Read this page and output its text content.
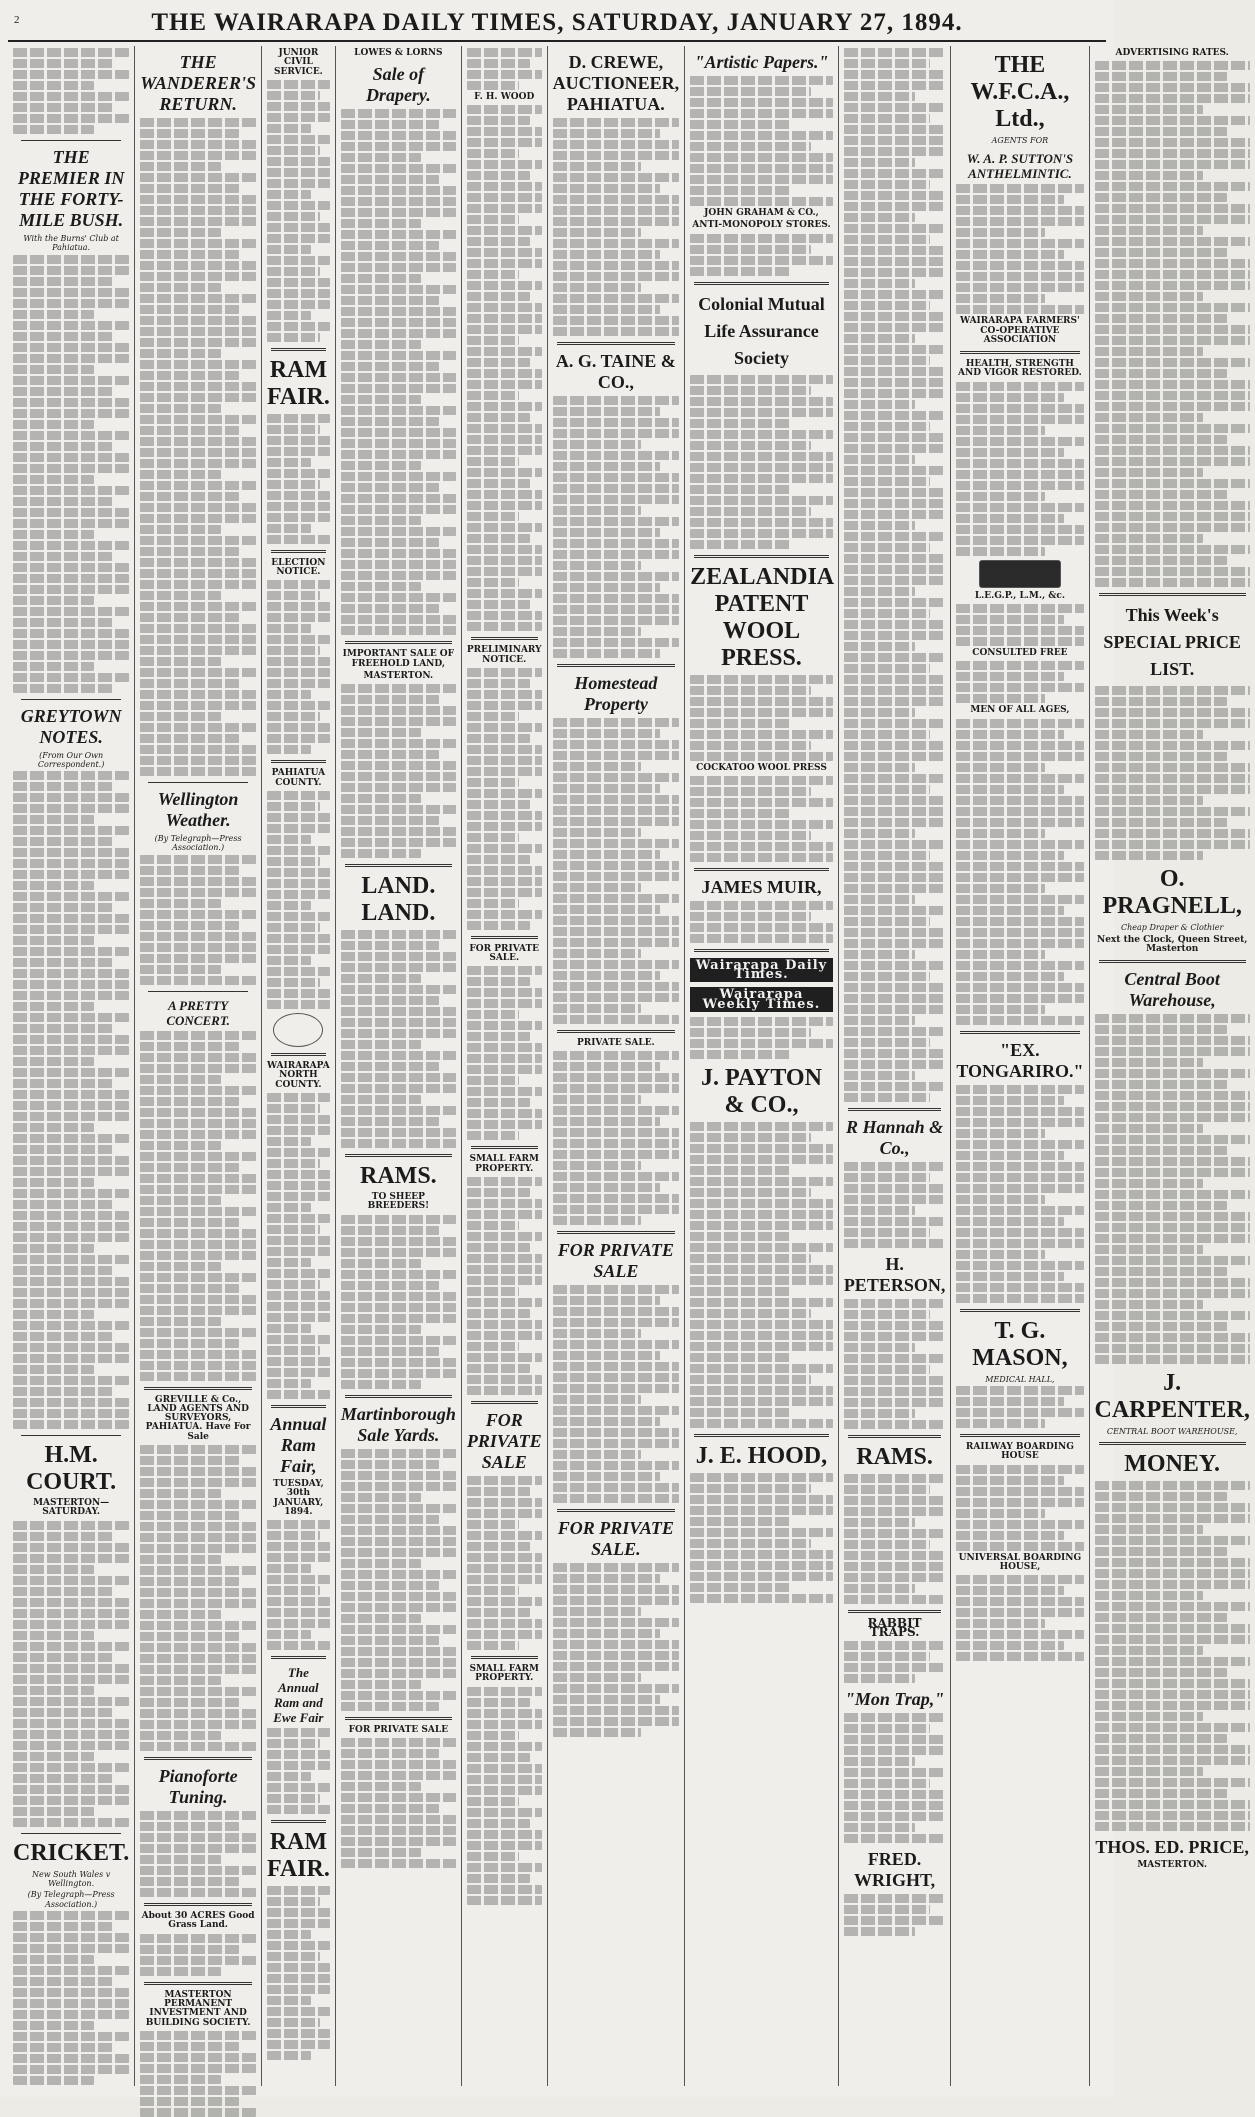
2	THE WAIRARAPA DAILY TIMES, SATURDAY, JANUARY 27, 1894.
THE PREMIER IN THE FORTY-MILE BUSH.
With the Burns' Club at Pahiatua.
GREYTOWN NOTES.
(From Our Own Correspondent.)
H.M. COURT.
MASTERTON—SATURDAY.
CRICKET.
New South Wales v Wellington.
(By Telegraph—Press Association.)
THE WANDERER'S RETURN.
Wellington Weather.
(By Telegraph—Press Association.)
A PRETTY CONCERT.
GREVILLE & Co., LAND AGENTS AND SURVEYORS, PAHIATUA. Have For Sale
Pianoforte Tuning.
About 30 ACRES Good Grass Land.
MASTERTON PERMANENT INVESTMENT AND BUILDING SOCIETY.
JUNIOR CIVIL SERVICE.
RAM FAIR.
ELECTION NOTICE.
PAHIATUA COUNTY.
WAIRARAPA NORTH COUNTY.
Annual Ram Fair,
TUESDAY, 30th JANUARY, 1894.
The Annual Ram and Ewe Fair
RAM FAIR.
LOWES & LORNS
Sale of Drapery.
IMPORTANT SALE OF FREEHOLD LAND,
MASTERTON.
LAND. LAND.
RAMS.
TO SHEEP BREEDERS!
Martinborough Sale Yards.
FOR PRIVATE SALE
F. H. WOOD
PRELIMINARY NOTICE.
FOR PRIVATE SALE.
SMALL FARM PROPERTY.
FOR PRIVATE SALE
SMALL FARM PROPERTY.
D. CREWE, AUCTIONEER, PAHIATUA.
A. G. TAINE & CO.,
Homestead Property
PRIVATE SALE.
FOR PRIVATE SALE
FOR PRIVATE SALE.
"Artistic Papers."
JOHN GRAHAM & CO.,
ANTI-MONOPOLY STORES.
Colonial Mutual Life Assurance Society
ZEALANDIA PATENT WOOL PRESS.
COCKATOO WOOL PRESS
JAMES MUIR,
Wairarapa Daily Times.
Wairarapa Weekly Times.
J. PAYTON & CO.,
J. E. HOOD,
R Hannah & Co.,
H. PETERSON,
RAMS.
RABBIT TRAPS.
"Mon Trap,"
FRED. WRIGHT,
THE W.F.C.A., Ltd.,
AGENTS FOR
W. A. P. SUTTON'S ANTHELMINTIC.
WAIRARAPA FARMERS' CO-OPERATIVE ASSOCIATION
HEALTH, STRENGTH AND VIGOR RESTORED.
L.E.G.P., L.M., &c.
CONSULTED FREE
MEN OF ALL AGES,
"EX. TONGARIRO."
T. G. MASON,
MEDICAL HALL,
RAILWAY BOARDING HOUSE
UNIVERSAL BOARDING HOUSE,
ADVERTISING RATES.
This Week's SPECIAL PRICE LIST.
O. PRAGNELL,
Cheap Draper & Clothier
Next the Clock, Queen Street, Masterton
Central Boot Warehouse,
J. CARPENTER,
CENTRAL BOOT WAREHOUSE,
MONEY.
THOS. ED. PRICE,
MASTERTON.
